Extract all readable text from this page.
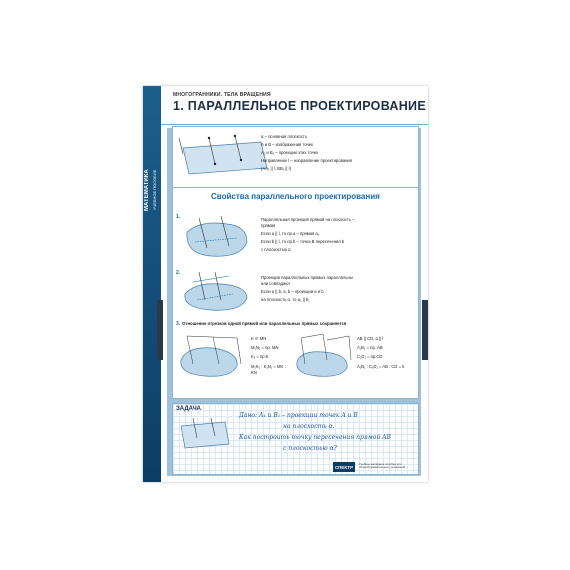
МАТЕМАТИКА УЧЕБНОЕ ПОСОБИЕ
МНОГОГРАННИКИ. ТЕЛА ВРАЩЕНИЯ
1. ПАРАЛЛЕЛЬНОЕ ПРОЕКТИРОВАНИЕ
α – основная плоскость
A и B – изображения точек
A₁ и B₁ – проекции этих точек
Направление l – направление проектирования
(AA₁ || l, BB₁ || l)
Свойства параллельного проектирования
1.	Параллельная проекция прямой на плоскость –
прямая
Если a || l, то пр.a – прямая a₁
Если b || l, то пр.b – точка B пересечения b
с плоскостью α
2.
Проекции параллельных прямых параллельны
или совпадают
Если a || b, a, b – проекции a и b
на плоскость α, то a₁ || b₁
3. Отношение отрезков одной прямой или параллельных прямых сохраняется
K ∈ MN
M₁N₁ = пр. MN
K₁ = пр.K
M₁K₁ : K₁N₁ = MK : KN
AB || CD, α || l
A₁B₁ = пр. AB
C₁D₁ = пр.CD
A₁B₁ : C₁D₁ = AB : CD = k
ЗАДАЧА
Дано: A₁ и B₁ – проекции точек A и B
на плоскость α.
Как построить точку пересечения прямой AB
с плоскостью α?
СПЕКТР
Учебное наглядное пособие для общеобразовательных учреждений
